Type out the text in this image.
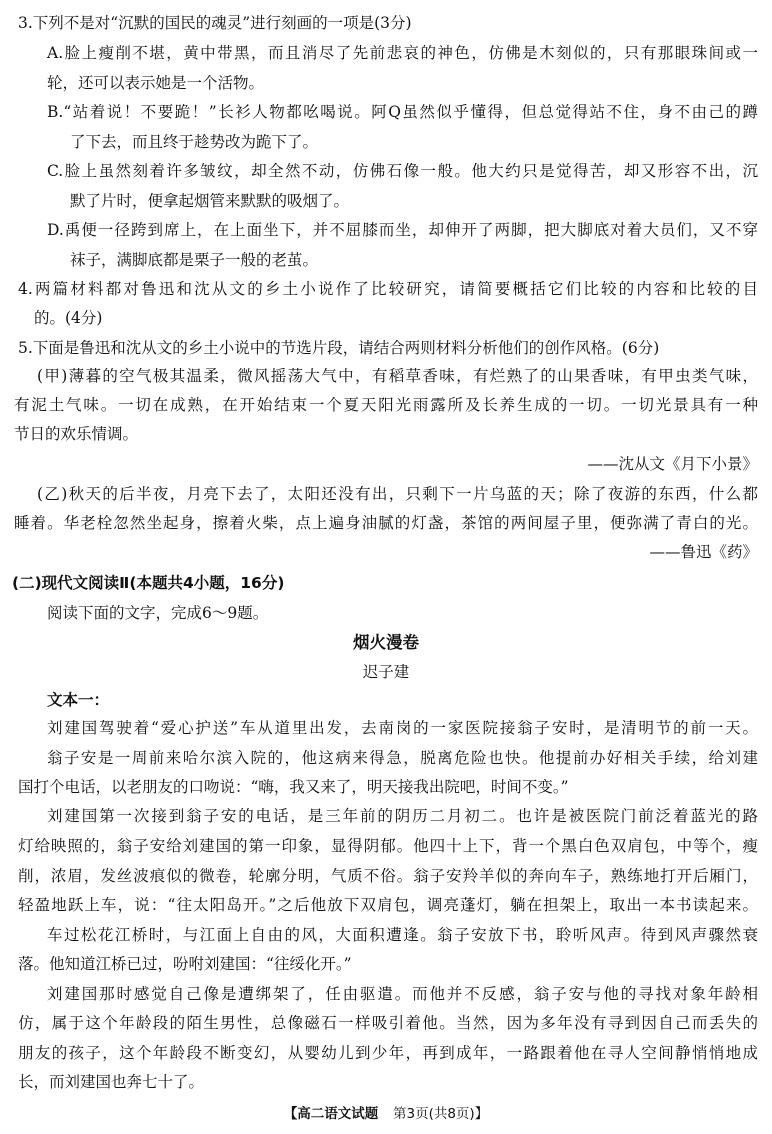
3.下列不是对“沉默的国民的魂灵”进行刻画的一项是(3分)
A.脸上瘦削不堪，黄中带黑，而且消尽了先前悲哀的神色，仿佛是木刻似的，只有那眼珠间或一
轮，还可以表示她是一个活物。
B.“站着说！不要跪！”长衫人物都吆喝说。阿Q虽然似乎懂得，但总觉得站不住，身不由己的蹲
了下去，而且终于趁势改为跪下了。
C.脸上虽然刻着许多皱纹，却全然不动，仿佛石像一般。他大约只是觉得苦，却又形容不出，沉
默了片时，便拿起烟管来默默的吸烟了。
D.禹便一径跨到席上，在上面坐下，并不屈膝而坐，却伸开了两脚，把大脚底对着大员们，又不穿
袜子，满脚底都是栗子一般的老茧。
4.两篇材料都对鲁迅和沈从文的乡土小说作了比较研究，请简要概括它们比较的内容和比较的目
的。(4分)
5.下面是鲁迅和沈从文的乡土小说中的节选片段，请结合两则材料分析他们的创作风格。(6分)
(甲)薄暮的空气极其温柔，微风摇荡大气中，有稻草香味，有烂熟了的山果香味，有甲虫类气味，
有泥土气味。一切在成熟，在开始结束一个夏天阳光雨露所及长养生成的一切。一切光景具有一种
节日的欢乐情调。
——沈从文《月下小景》
(乙)秋天的后半夜，月亮下去了，太阳还没有出，只剩下一片乌蓝的天；除了夜游的东西，什么都
睡着。华老栓忽然坐起身，擦着火柴，点上遍身油腻的灯盏，茶馆的两间屋子里，便弥满了青白的光。
——鲁迅《药》
(二)现代文阅读Ⅱ(本题共4小题，16分)
阅读下面的文字，完成6～9题。
烟火漫卷
迟子建
文本一：
刘建国驾驶着“爱心护送”车从道里出发，去南岗的一家医院接翁子安时，是清明节的前一天。
翁子安是一周前来哈尔滨入院的，他这病来得急，脱离危险也快。他提前办好相关手续，给刘建
国打个电话，以老朋友的口吻说：“嗨，我又来了，明天接我出院吧，时间不变。”
刘建国第一次接到翁子安的电话，是三年前的阴历二月初二。也许是被医院门前泛着蓝光的路
灯给映照的，翁子安给刘建国的第一印象，显得阴郁。他四十上下，背一个黑白色双肩包，中等个，瘦
削，浓眉，发丝波痕似的微卷，轮廓分明，气质不俗。翁子安羚羊似的奔向车子，熟练地打开后厢门，
轻盈地跃上车，说：“往太阳岛开。”之后他放下双肩包，调亮蓬灯，躺在担架上，取出一本书读起来。
车过松花江桥时，与江面上自由的风，大面积遭逢。翁子安放下书，聆听风声。待到风声骤然衰
落。他知道江桥已过，吩咐刘建国：“往绥化开。”
刘建国那时感觉自己像是遭绑架了，任由驱遣。而他并不反感，翁子安与他的寻找对象年龄相
仿，属于这个年龄段的陌生男性，总像磁石一样吸引着他。当然，因为多年没有寻到因自己而丢失的
朋友的孩子，这个年龄段不断变幻，从婴幼儿到少年，再到成年，一路跟着他在寻人空间静悄悄地成
长，而刘建国也奔七十了。
【高二语文试题 第3页(共8页)】
